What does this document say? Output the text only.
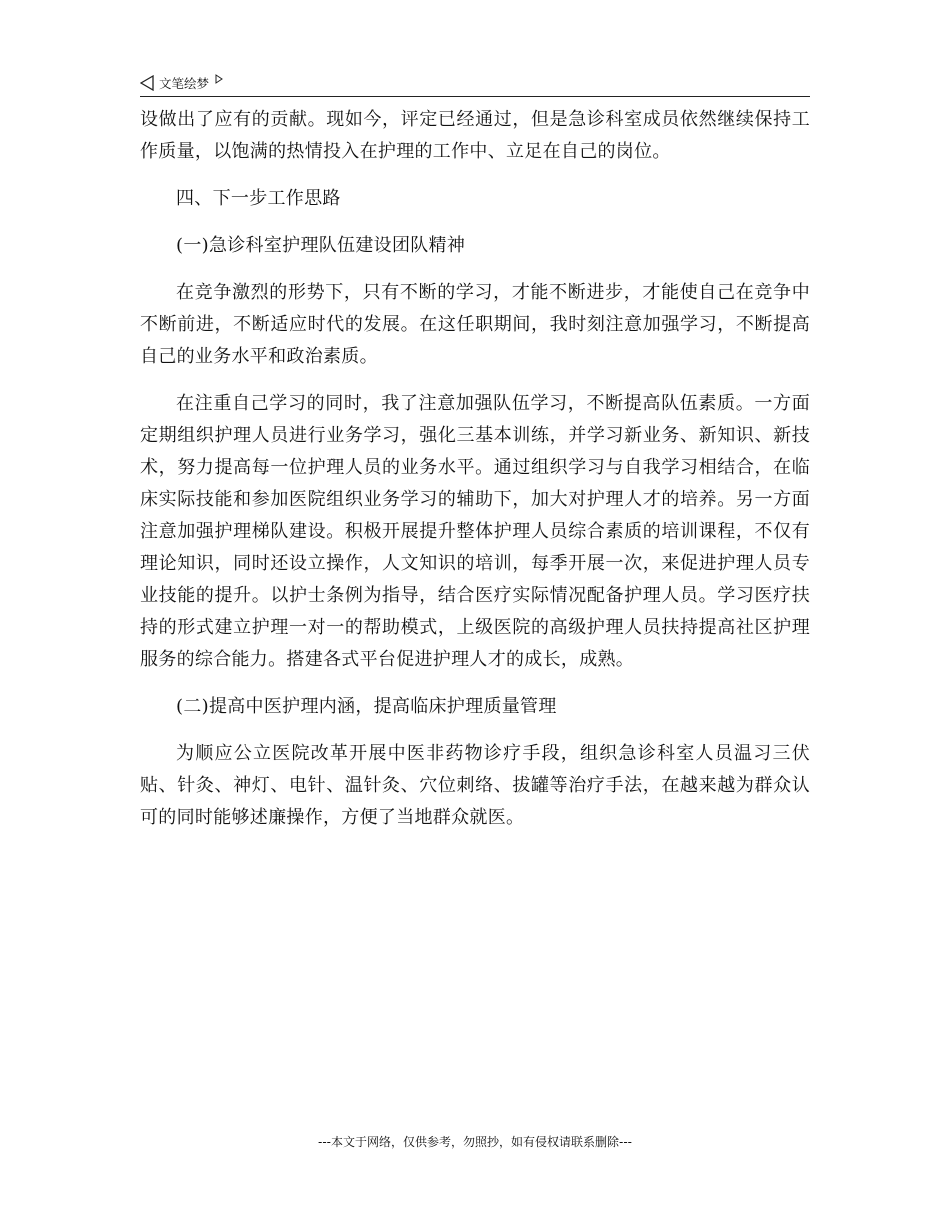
文笔绘梦

设做出了应有的贡献。现如今，评定已经通过，但是急诊科室成员依然继续保持工作质量，以饱满的热情投入在护理的工作中、立足在自己的岗位。

四、下一步工作思路

(一)急诊科室护理队伍建设团队精神

在竞争激烈的形势下，只有不断的学习，才能不断进步，才能使自己在竞争中不断前进，不断适应时代的发展。在这任职期间，我时刻注意加强学习，不断提高自己的业务水平和政治素质。

在注重自己学习的同时，我了注意加强队伍学习，不断提高队伍素质。一方面定期组织护理人员进行业务学习，强化三基本训练，并学习新业务、新知识、新技术，努力提高每一位护理人员的业务水平。通过组织学习与自我学习相结合，在临床实际技能和参加医院组织业务学习的辅助下，加大对护理人才的培养。另一方面注意加强护理梯队建设。积极开展提升整体护理人员综合素质的培训课程，不仅有理论知识，同时还设立操作，人文知识的培训，每季开展一次，来促进护理人员专业技能的提升。以护士条例为指导，结合医疗实际情况配备护理人员。学习医疗扶持的形式建立护理一对一的帮助模式，上级医院的高级护理人员扶持提高社区护理服务的综合能力。搭建各式平台促进护理人才的成长，成熟。

(二)提高中医护理内涵，提高临床护理质量管理

为顺应公立医院改革开展中医非药物诊疗手段，组织急诊科室人员温习三伏贴、针灸、神灯、电针、温针灸、穴位刺络、拔罐等治疗手法，在越来越为群众认可的同时能够述廉操作，方便了当地群众就医。

---本文于网络，仅供参考，勿照抄，如有侵权请联系删除---
